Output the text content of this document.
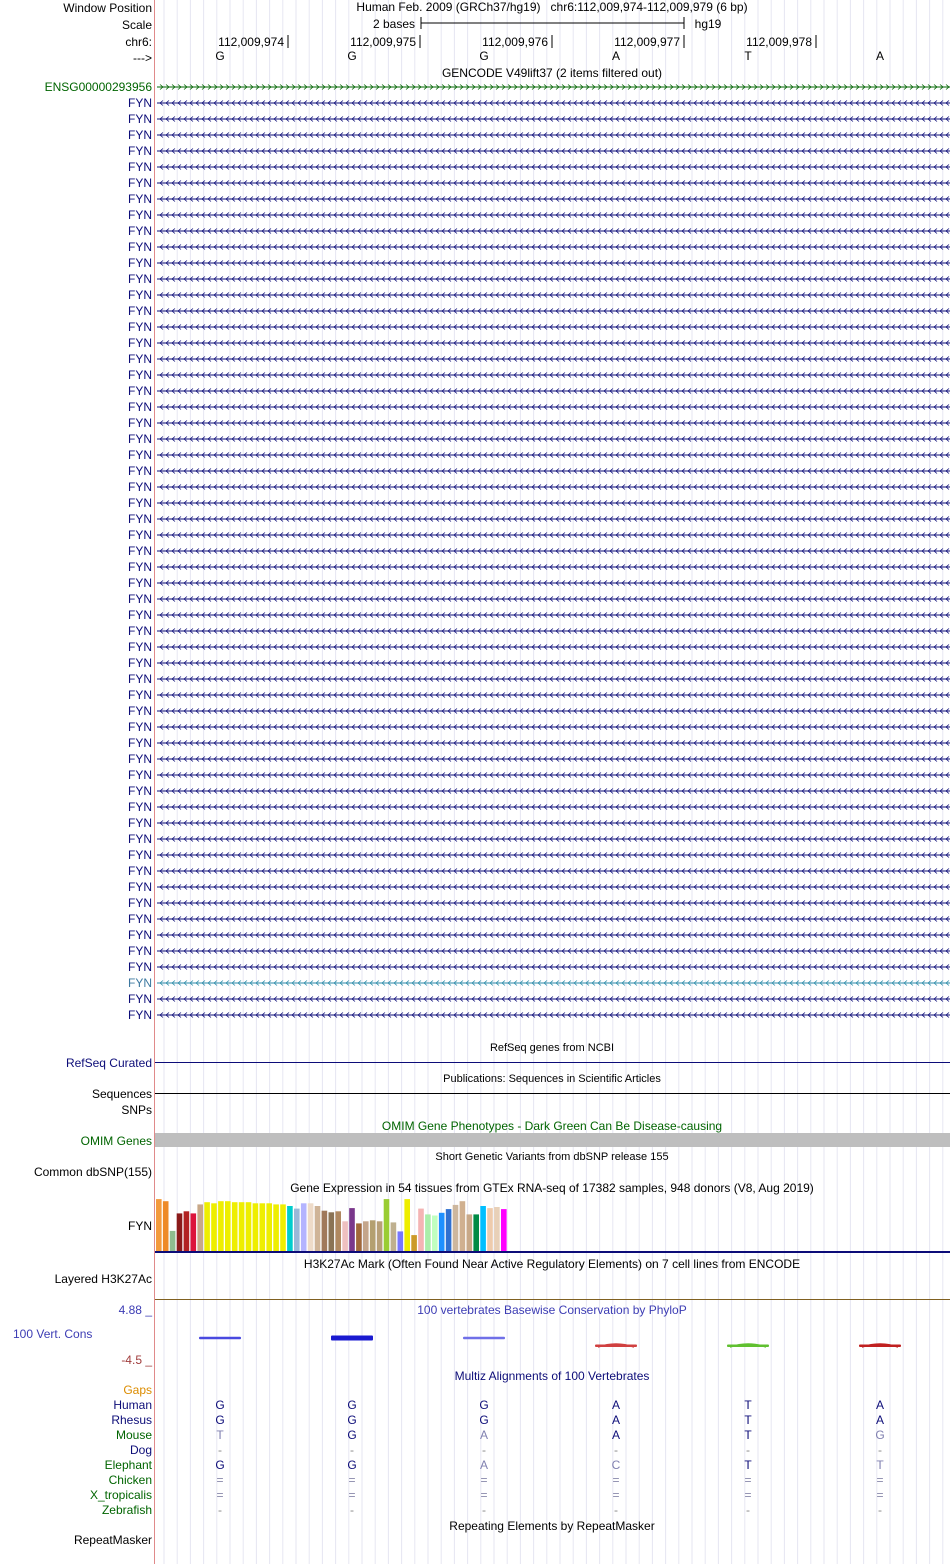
Window Position	Human Feb. 2009 (GRCh37/hg19) chr6:112,009,974-112,009,979 (6 bp)
Scale	2 bases	hg19
chr6:
--->
112,009,974	112,009,975	112,009,976	112,009,977	112,009,978
G	G	G	A	T	A
GENCODE V49lift37 (2 items filtered out)
ENSG00000293956
FYN
FYN
FYN
FYN
FYN
FYN
FYN
FYN
FYN
FYN
FYN
FYN
FYN
FYN
FYN
FYN
FYN
FYN
FYN
FYN
FYN
FYN
FYN
FYN
FYN
FYN
FYN
FYN
FYN
FYN
FYN
FYN
FYN
FYN
FYN
FYN
FYN
FYN
FYN
FYN
FYN
FYN
FYN
FYN
FYN
FYN
FYN
FYN
FYN
FYN
FYN
FYN
FYN
FYN
FYN
FYN
FYN
FYN
RefSeq genes from NCBI
RefSeq Curated
Publications: Sequences in Scientific Articles
Sequences
SNPs
OMIM Gene Phenotypes - Dark Green Can Be Disease-causing
OMIM Genes
Short Genetic Variants from dbSNP release 155
Common dbSNP(155)
Gene Expression in 54 tissues from GTEx RNA-seq of 17382 samples, 948 donors (V8, Aug 2019)
FYN
H3K27Ac Mark (Often Found Near Active Regulatory Elements) on 7 cell lines from ENCODE
Layered H3K27Ac
4.88 _	100 vertebrates Basewise Conservation by PhyloP
100 Vert. Cons
-4.5 _
Multiz Alignments of 100 Vertebrates
Gaps
Human	G	G	G	A	T	A
Rhesus	G	G	G	A	T	A
Mouse	T	G	A	A	T	G
Dog	-	-	-	-	-	-
Elephant	G	G	A	C	T	T
Chicken	=	=	=	=	=	=
X_tropicalis	=	=	=	=	=	=
Zebrafish	-	-	-	-	-	-
Repeating Elements by RepeatMasker
RepeatMasker
